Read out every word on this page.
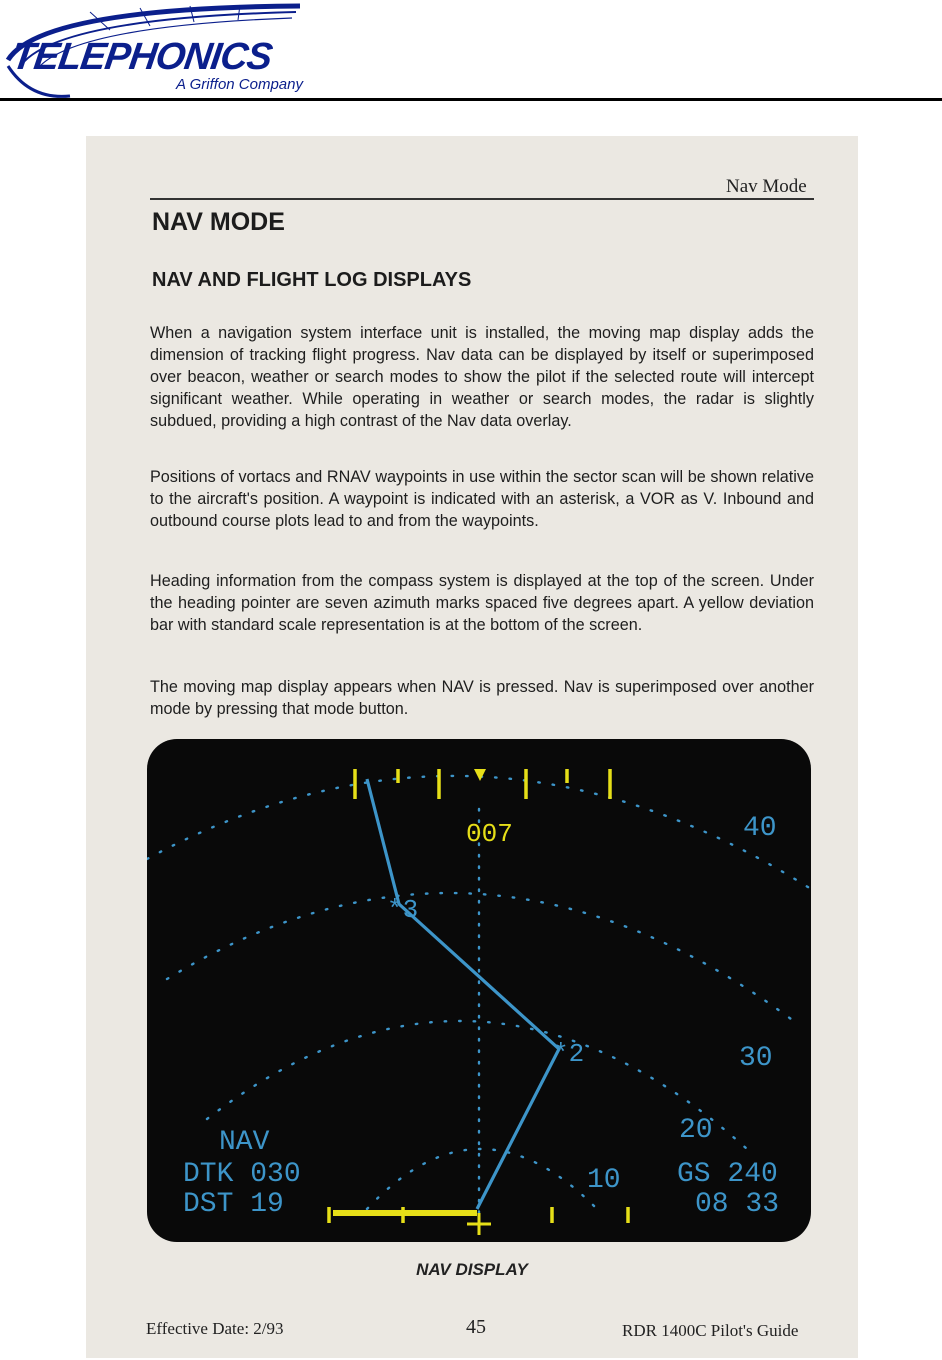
TELEPHONICS
A Griffon Company
Nav Mode
NAV MODE
NAV AND FLIGHT LOG DISPLAYS

When a navigation system interface unit is installed, the moving map display adds the dimension of tracking flight progress. Nav data can be displayed by itself or superimposed over beacon, weather or search modes to show the pilot if the selected route will intercept significant weather. While operating in weather or search modes, the radar is slightly subdued, providing a high contrast of the Nav data overlay.

Positions of vortacs and RNAV waypoints in use within the sector scan will be shown relative to the aircraft's position. A waypoint is indicated with an asterisk, a VOR as V. Inbound and outbound course plots lead to and from the waypoints.

Heading information from the compass system is displayed at the top of the screen. Under the heading pointer are seven azimuth marks spaced five degrees apart. A yellow deviation bar with standard scale representation is at the bottom of the screen.

The moving map display appears when NAV is pressed. Nav is superimposed over another mode by pressing that mode button.

007
*3
*2
40
30
20
10
NAV
DTK 030
DST 19
GS 240
08 33
NAV DISPLAY
Effective Date: 2/93	45	RDR 1400C Pilot's Guide
